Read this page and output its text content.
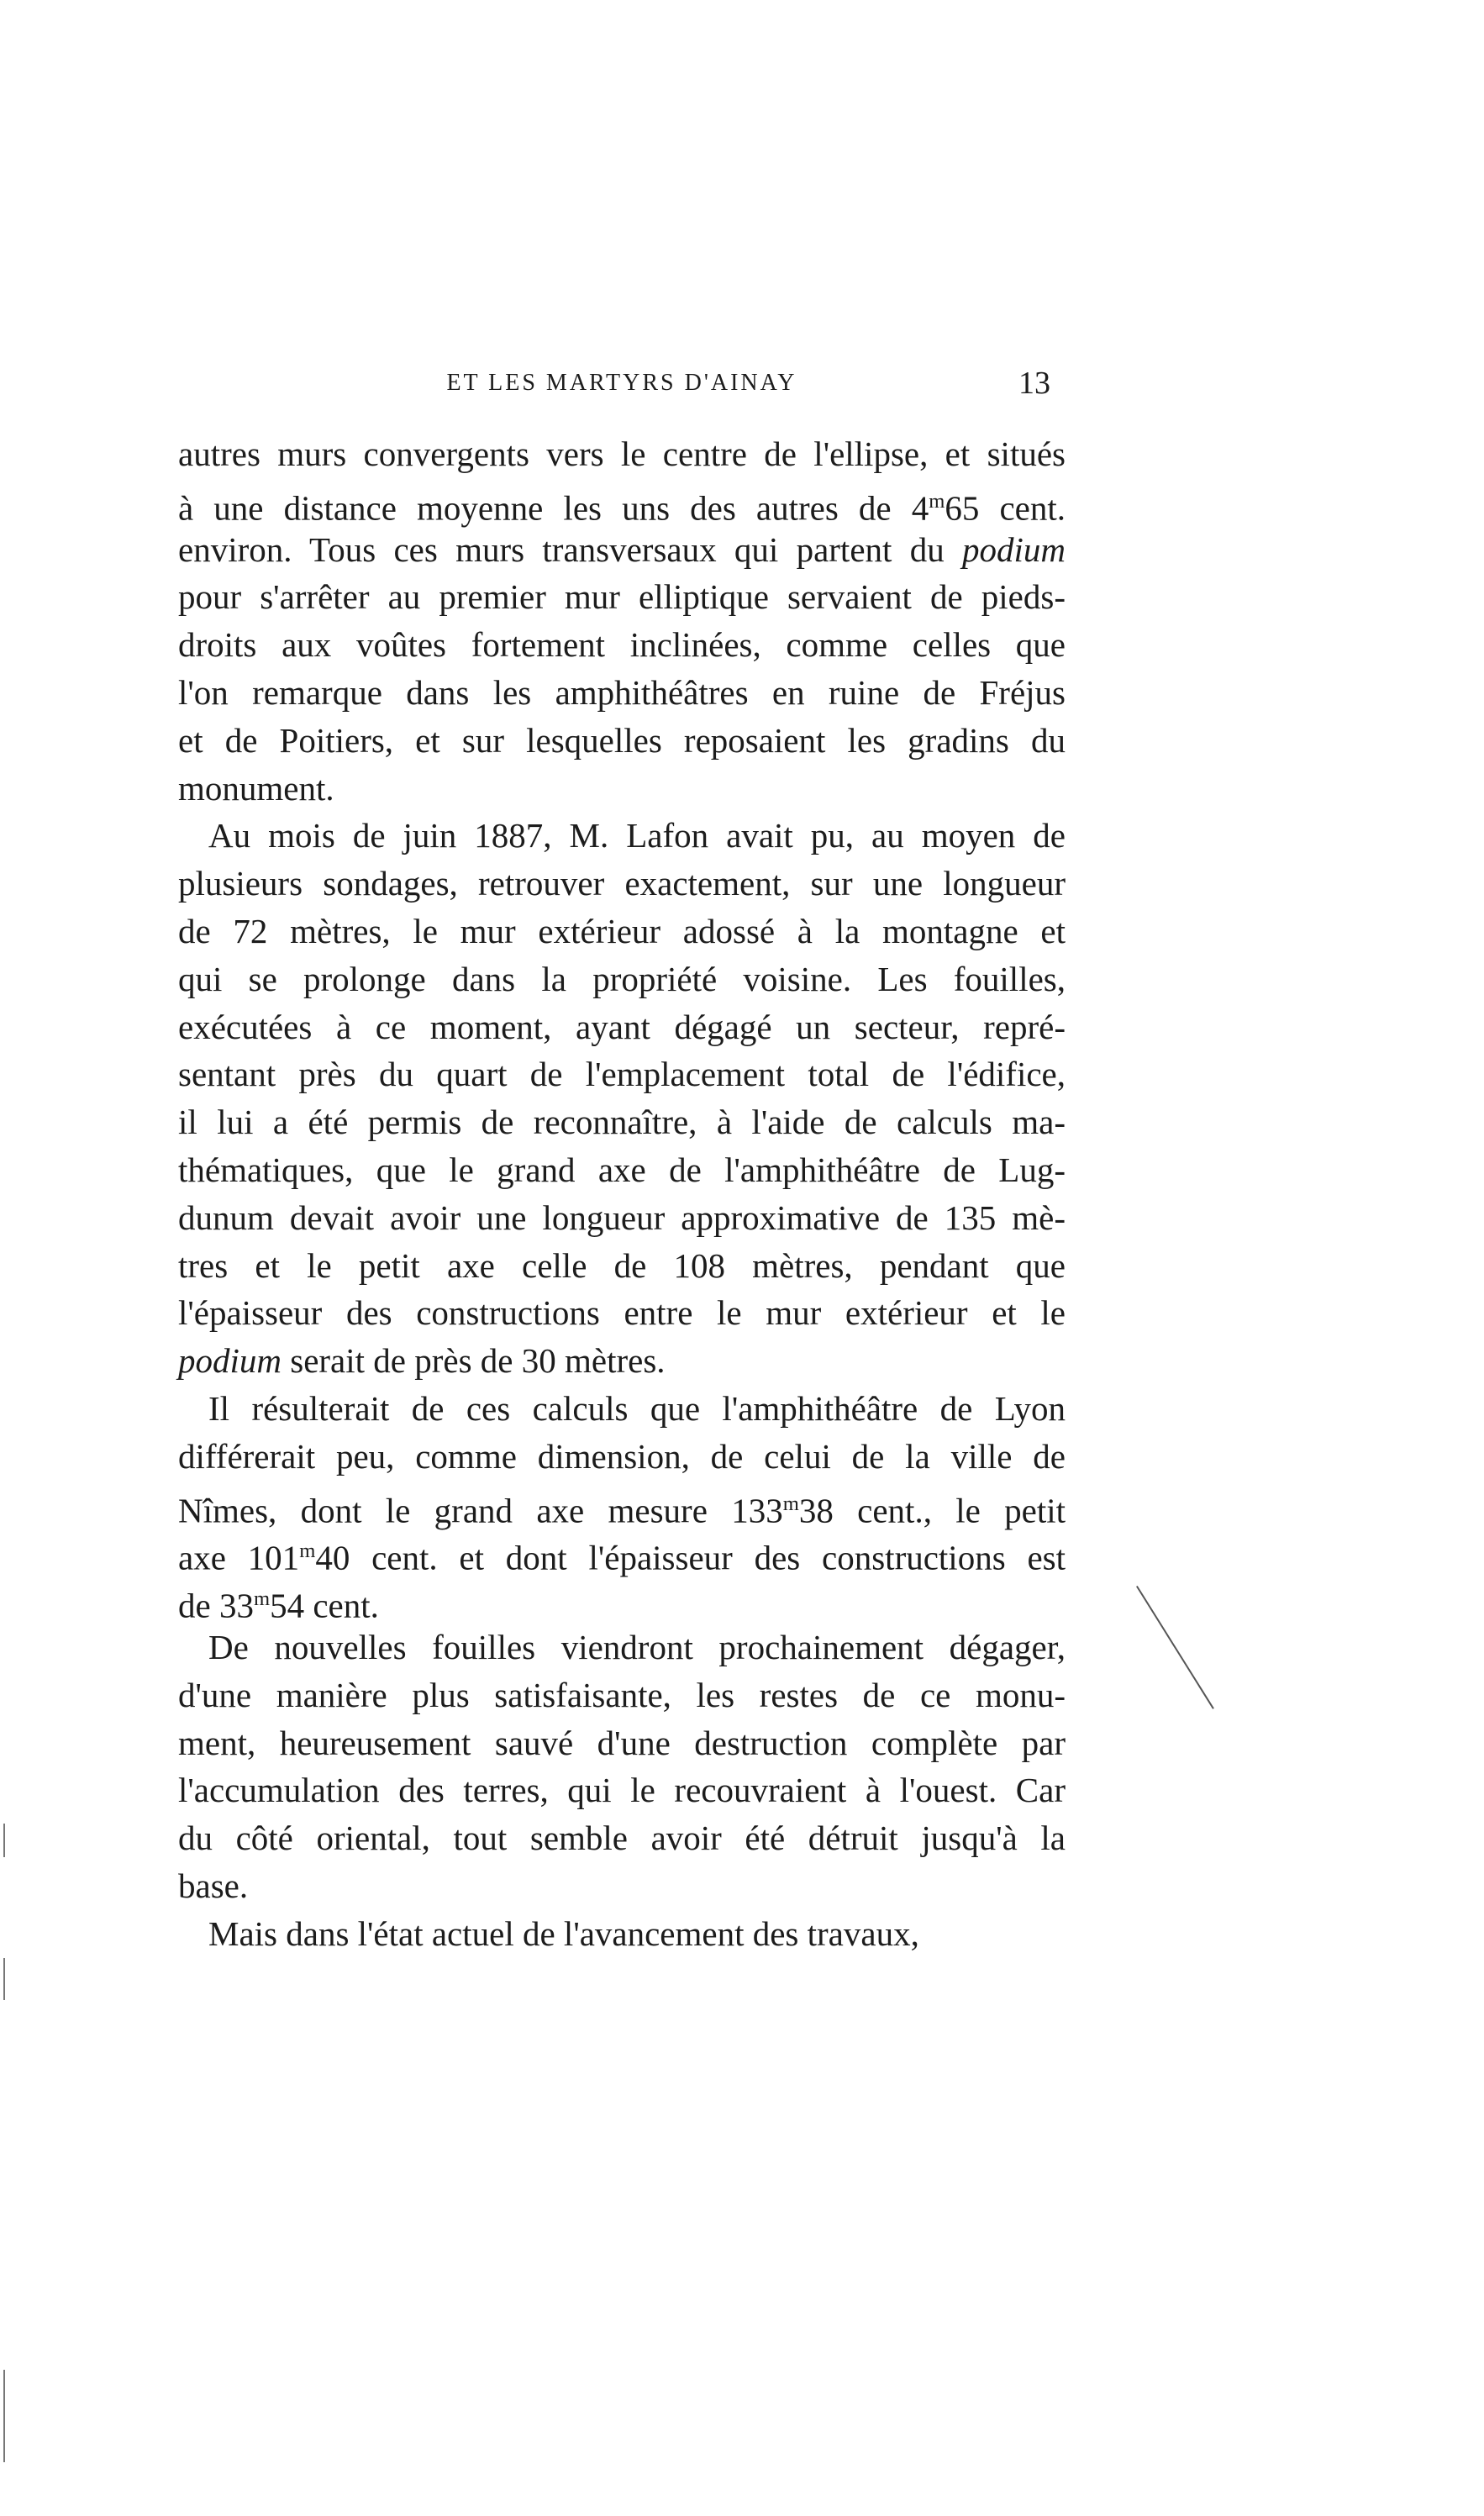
ET LES MARTYRS D'AINAY	13
autres murs convergents vers le centre de l'ellipse, et situés
à une distance moyenne les uns des autres de 4$^m$65 cent.
environ. Tous ces murs transversaux qui partent du podium
pour s'arrêter au premier mur elliptique servaient de pieds-
droits aux voûtes fortement inclinées, comme celles que
l'on remarque dans les amphithéâtres en ruine de Fréjus
et de Poitiers, et sur lesquelles reposaient les gradins du
monument.
Au mois de juin 1887, M. Lafon avait pu, au moyen de
plusieurs sondages, retrouver exactement, sur une longueur
de 72 mètres, le mur extérieur adossé à la montagne et
qui se prolonge dans la propriété voisine. Les fouilles,
exécutées à ce moment, ayant dégagé un secteur, repré-
sentant près du quart de l'emplacement total de l'édifice,
il lui a été permis de reconnaître, à l'aide de calculs ma-
thématiques, que le grand axe de l'amphithéâtre de Lug-
dunum devait avoir une longueur approximative de 135 mè-
tres et le petit axe celle de 108 mètres, pendant que
l'épaisseur des constructions entre le mur extérieur et le
podium serait de près de 30 mètres.
Il résulterait de ces calculs que l'amphithéâtre de Lyon
différerait peu, comme dimension, de celui de la ville de
Nîmes, dont le grand axe mesure 133$^m$38 cent., le petit
axe 101$^m$40 cent. et dont l'épaisseur des constructions est
de 33$^m$54 cent.
De nouvelles fouilles viendront prochainement dégager,
d'une manière plus satisfaisante, les restes de ce monu-
ment, heureusement sauvé d'une destruction complète par
l'accumulation des terres, qui le recouvraient à l'ouest. Car
du côté oriental, tout semble avoir été détruit jusqu'à la
base.
Mais dans l'état actuel de l'avancement des travaux,
